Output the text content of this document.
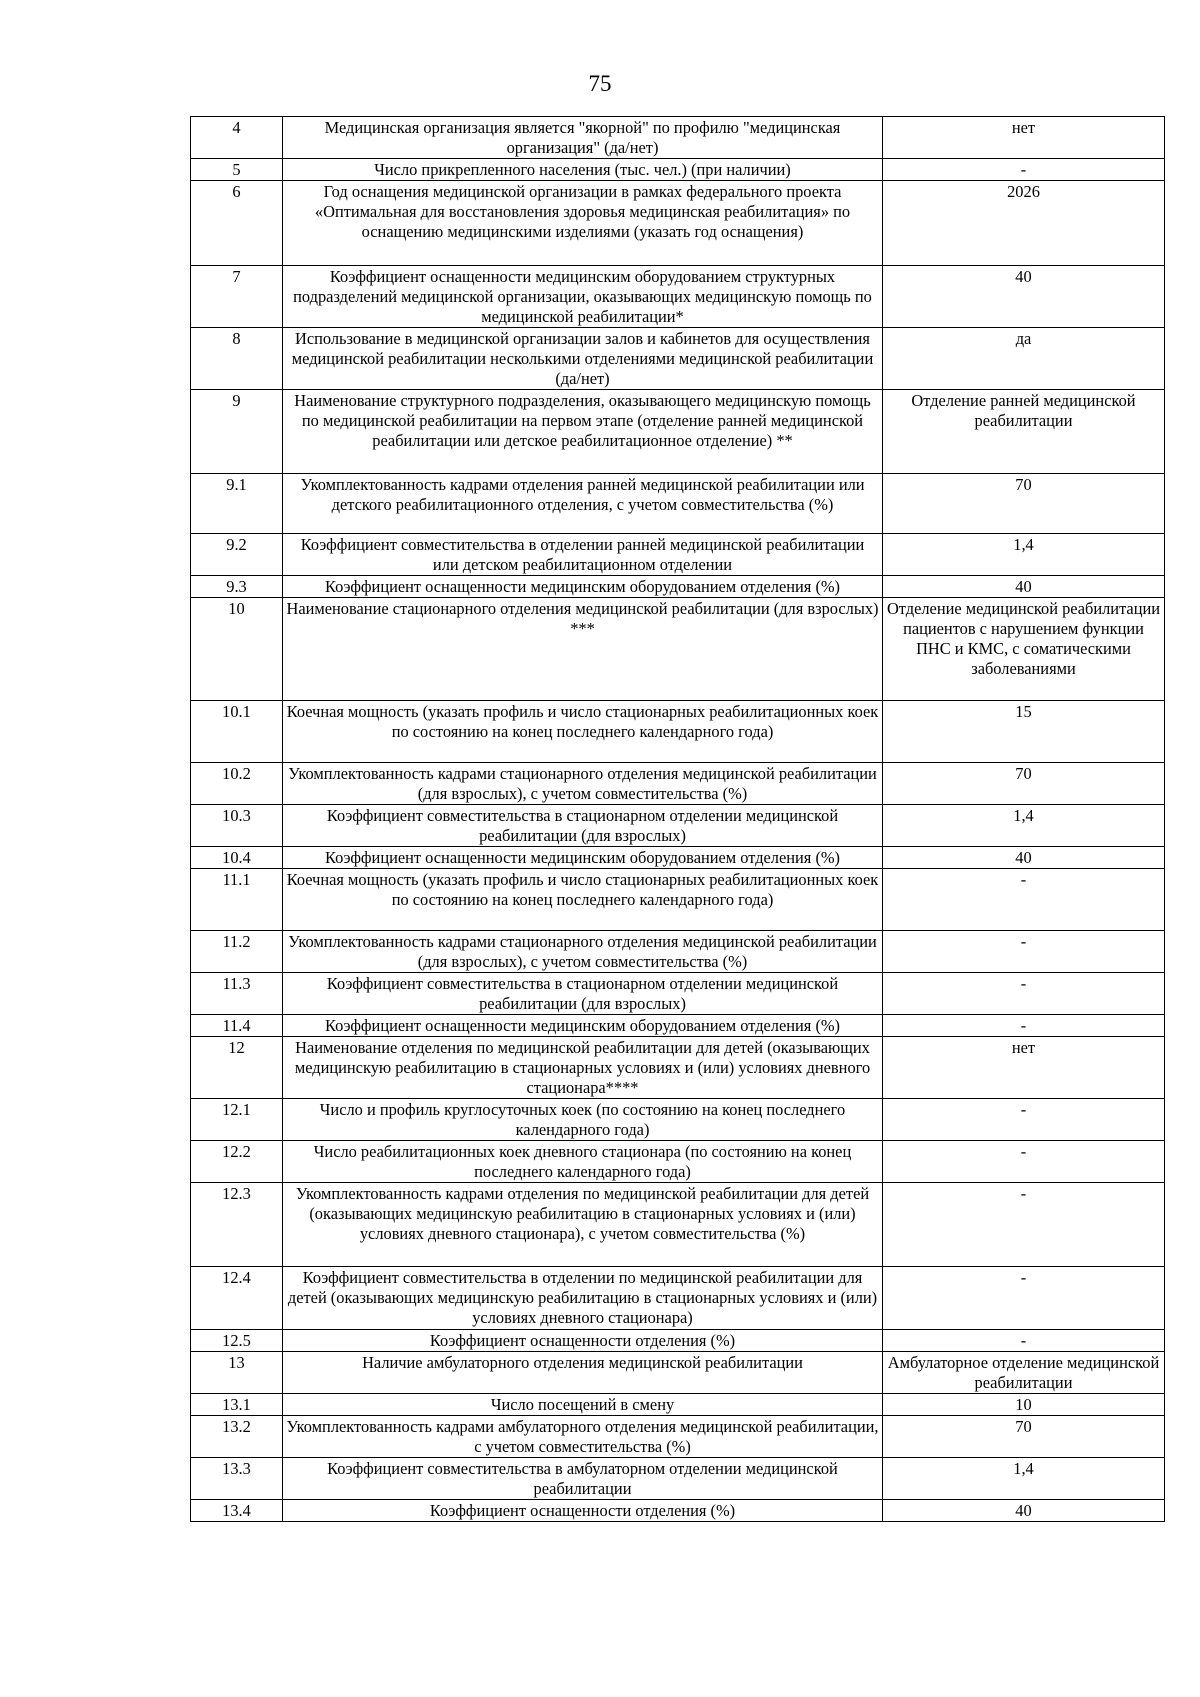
75
4	Медицинская организация является "якорной" по профилю "медицинская организация" (да/нет)	нет
5	Число прикрепленного населения (тыс. чел.) (при наличии)	-
6	Год оснащения медицинской организации в рамках федерального проекта «Оптимальная для восстановления здоровья медицинская реабилитация» по оснащению медицинскими изделиями (указать год оснащения)	2026
7	Коэффициент оснащенности медицинским оборудованием структурных подразделений медицинской организации, оказывающих медицинскую помощь по медицинской реабилитации*	40
8	Использование в медицинской организации залов и кабинетов для осуществления медицинской реабилитации несколькими отделениями медицинской реабилитации (да/нет)	да
9	Наименование структурного подразделения, оказывающего медицинскую помощь по медицинской реабилитации на первом этапе (отделение ранней медицинской реабилитации или детское реабилитационное отделение) **	Отделение ранней медицинской реабилитации
9.1	Укомплектованность кадрами отделения ранней медицинской реабилитации или детского реабилитационного отделения, с учетом совместительства (%)	70
9.2	Коэффициент совместительства в отделении ранней медицинской реабилитации или детском реабилитационном отделении	1,4
9.3	Коэффициент оснащенности медицинским оборудованием отделения (%)	40
10	Наименование стационарного отделения медицинской реабилитации (для взрослых) ***	Отделение медицинской реабилитации пациентов с нарушением функции ПНС и КМС, с соматическими заболеваниями
10.1	Коечная мощность (указать профиль и число стационарных реабилитационных коек по состоянию на конец последнего календарного года)	15
10.2	Укомплектованность кадрами стационарного отделения медицинской реабилитации (для взрослых), с учетом совместительства (%)	70
10.3	Коэффициент совместительства в стационарном отделении медицинской реабилитации (для взрослых)	1,4
10.4	Коэффициент оснащенности медицинским оборудованием отделения (%)	40
11.1	Коечная мощность (указать профиль и число стационарных реабилитационных коек по состоянию на конец последнего календарного года)	-
11.2	Укомплектованность кадрами стационарного отделения медицинской реабилитации (для взрослых), с учетом совместительства (%)	-
11.3	Коэффициент совместительства в стационарном отделении медицинской реабилитации (для взрослых)	-
11.4	Коэффициент оснащенности медицинским оборудованием отделения (%)	-
12	Наименование отделения по медицинской реабилитации для детей (оказывающих медицинскую реабилитацию в стационарных условиях и (или) условиях дневного стационара****	нет
12.1	Число и профиль круглосуточных коек (по состоянию на конец последнего календарного года)	-
12.2	Число реабилитационных коек дневного стационара (по состоянию на конец последнего календарного года)	-
12.3	Укомплектованность кадрами отделения по медицинской реабилитации для детей (оказывающих медицинскую реабилитацию в стационарных условиях и (или) условиях дневного стационара), с учетом совместительства (%)	-
12.4	Коэффициент совместительства в отделении по медицинской реабилитации для детей (оказывающих медицинскую реабилитацию в стационарных условиях и (или) условиях дневного стационара)	-
12.5	Коэффициент оснащенности отделения (%)	-
13	Наличие амбулаторного отделения медицинской реабилитации	Амбулаторное отделение медицинской реабилитации
13.1	Число посещений в смену	10
13.2	Укомплектованность кадрами амбулаторного отделения медицинской реабилитации, с учетом совместительства (%)	70
13.3	Коэффициент совместительства в амбулаторном отделении медицинской реабилитации	1,4
13.4	Коэффициент оснащенности отделения (%)	40
